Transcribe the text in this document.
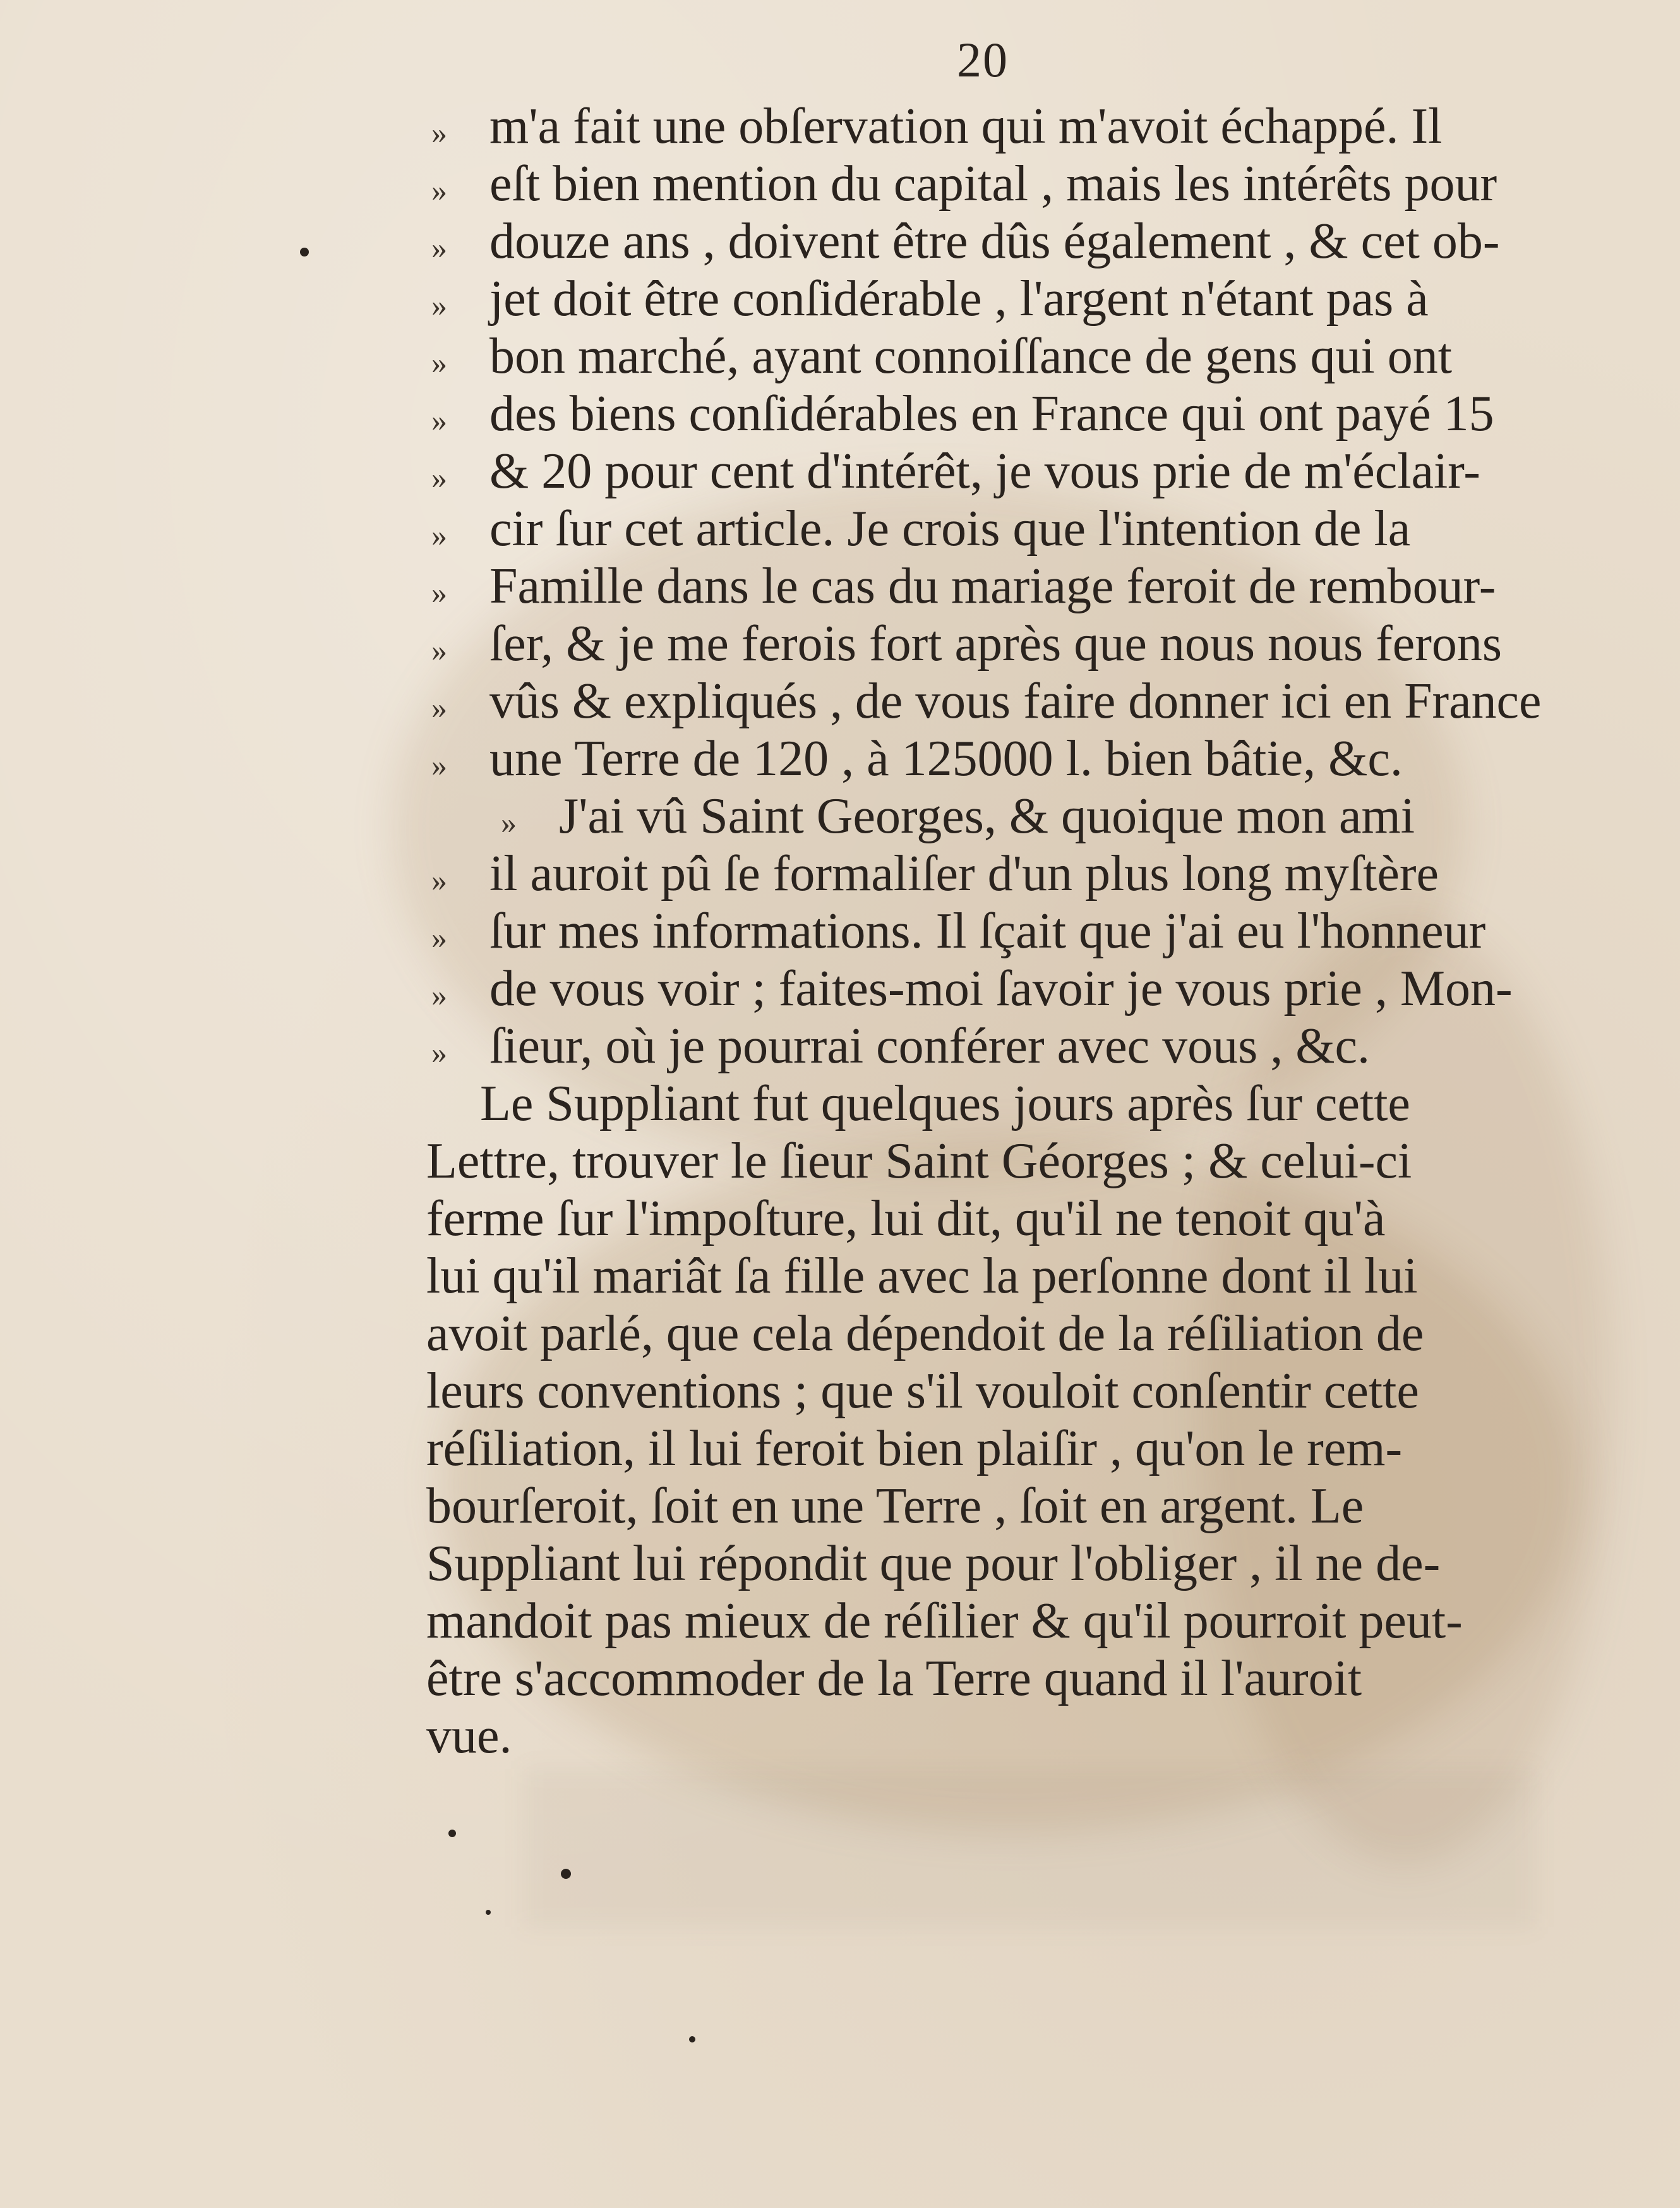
20
» m'a fait une obſervation qui m'avoit échappé. Il
» eſt bien mention du capital , mais les intérêts pour
» douze ans , doivent être dûs également , & cet ob-
» jet doit être conſidérable , l'argent n'étant pas à
» bon marché, ayant connoiſſance de gens qui ont
» des biens conſidérables en France qui ont payé 15
» & 20 pour cent d'intérêt, je vous prie de m'éclair-
» cir ſur cet article. Je crois que l'intention de la
» Famille dans le cas du mariage feroit de rembour-
» ſer, & je me ferois fort après que nous nous ferons
» vûs & expliqués , de vous faire donner ici en France
» une Terre de 120 , à 125000 l. bien bâtie, &c.
» J'ai vû Saint Georges, & quoique mon ami
» il auroit pû ſe formaliſer d'un plus long myſtère
» ſur mes informations. Il ſçait que j'ai eu l'honneur
» de vous voir ; faites-moi ſavoir je vous prie , Mon-
» ſieur, où je pourrai conférer avec vous , &c.
Le Suppliant fut quelques jours après ſur cette
Lettre, trouver le ſieur Saint Géorges ; & celui-ci
ferme ſur l'impoſture, lui dit, qu'il ne tenoit qu'à
lui qu'il mariât ſa fille avec la perſonne dont il lui
avoit parlé, que cela dépendoit de la réſiliation de
leurs conventions ; que s'il vouloit conſentir cette
réſiliation, il lui feroit bien plaiſir , qu'on le rem-
bourſeroit, ſoit en une Terre , ſoit en argent. Le
Suppliant lui répondit que pour l'obliger , il ne de-
mandoit pas mieux de réſilier & qu'il pourroit peut-
être s'accommoder de la Terre quand il l'auroit
vue.
